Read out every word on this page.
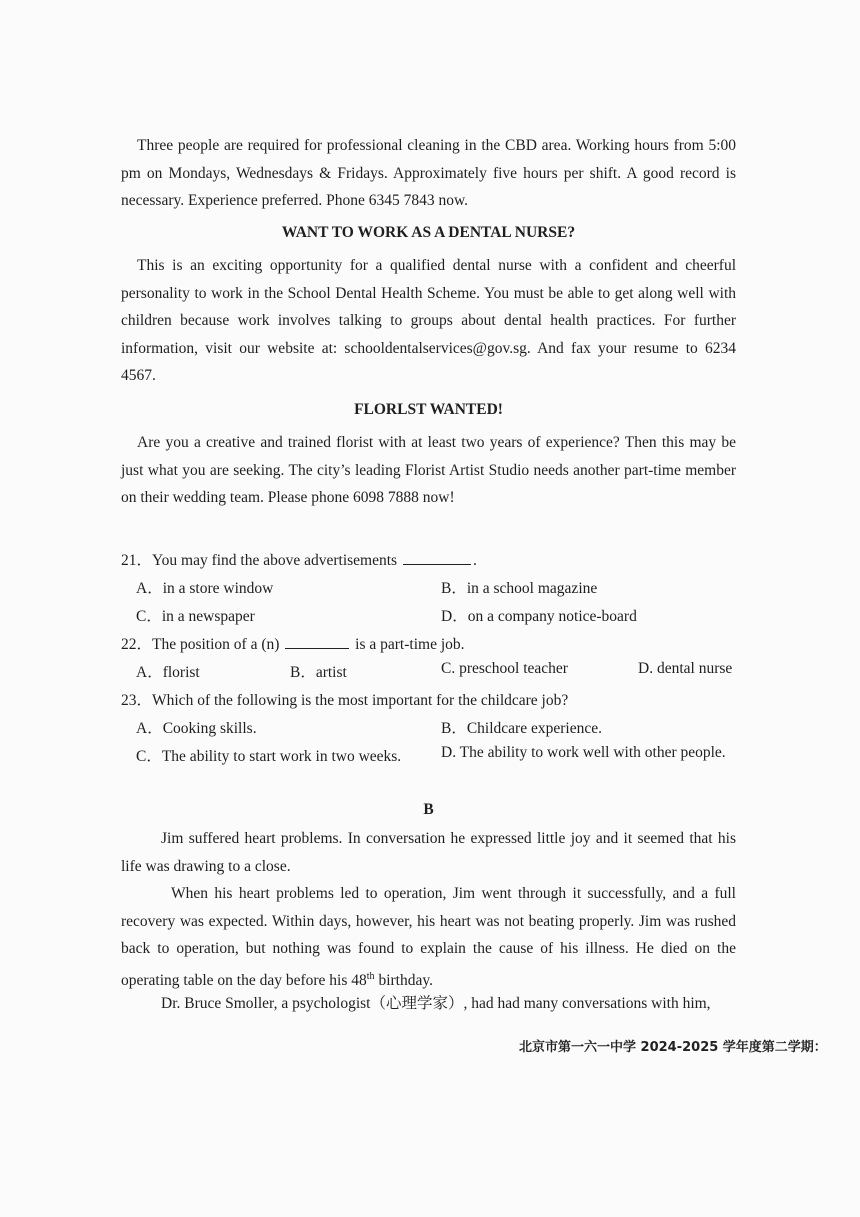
Three people are required for professional cleaning in the CBD area. Working hours from 5:00 pm on Mondays, Wednesdays & Fridays. Approximately five hours per shift. A good record is necessary. Experience preferred. Phone 6345 7843 now.

WANT TO WORK AS A DENTAL NURSE?

This is an exciting opportunity for a qualified dental nurse with a confident and cheerful personality to work in the School Dental Health Scheme. You must be able to get along well with children because work involves talking to groups about dental health practices. For further information, visit our website at: schooldentalservices@gov.sg. And fax your resume to 6234 4567.

FLORLST WANTED!

Are you a creative and trained florist with at least two years of experience? Then this may be just what you are seeking. The city’s leading Florist Artist Studio needs another part-time member on their wedding team. Please phone 6098 7888 now!

21．You may find the above advertisements	.
A．in a store window	B．in a school magazine
C．in a newspaper	D．on a company notice-board
22．The position of a (n)	is a part-time job.
A．florist	B．artist	C. preschool teacher	D. dental nurse
23．Which of the following is the most important for the childcare job?
A．Cooking skills.	B．Childcare experience.
C．The ability to start work in two weeks.	D. The ability to work well with other people.

B

Jim suffered heart problems. In conversation he expressed little joy and it seemed that his life was drawing to a close.

When his heart problems led to operation, Jim went through it successfully, and a full recovery was expected. Within days, however, his heart was not beating properly. Jim was rushed back to operation, but nothing was found to explain the cause of his illness. He died on the operating table on the day before his 48th birthday.

Dr. Bruce Smoller, a psychologist（心理学家）, had had many conversations with him,

北京市第一六一中学 2024-2025 学年度第二学期：
